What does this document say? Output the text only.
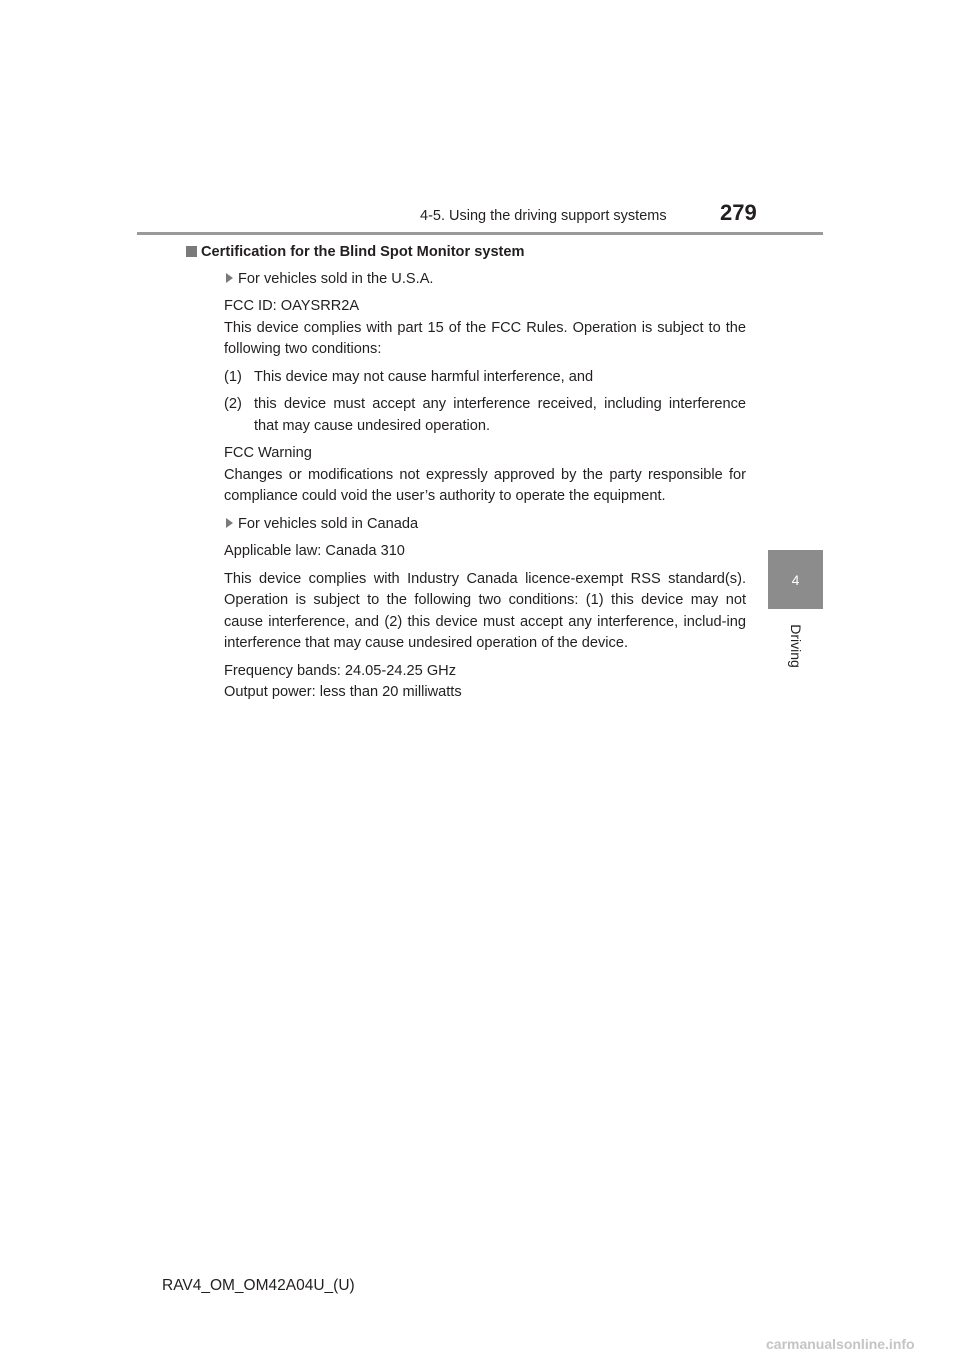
4-5. Using the driving support systems 279
4
Driving
Certification for the Blind Spot Monitor system
For vehicles sold in the U.S.A.

FCC ID: OAYSRR2A
This device complies with part 15 of the FCC Rules. Operation is subject to the following two conditions:

(1) This device may not cause harmful interference, and
(2) this device must accept any interference received, including interference that may cause undesired operation.

FCC Warning
Changes or modifications not expressly approved by the party responsible for compliance could void the user’s authority to operate the equipment.

For vehicles sold in Canada

Applicable law: Canada 310

This device complies with Industry Canada licence-exempt RSS standard(s). Operation is subject to the following two conditions: (1) this device may not cause interference, and (2) this device must accept any interference, includ-ing interference that may cause undesired operation of the device.

Frequency bands: 24.05-24.25 GHz
Output power: less than 20 milliwatts

RAV4_OM_OM42A04U_(U)
carmanualsonline.info
